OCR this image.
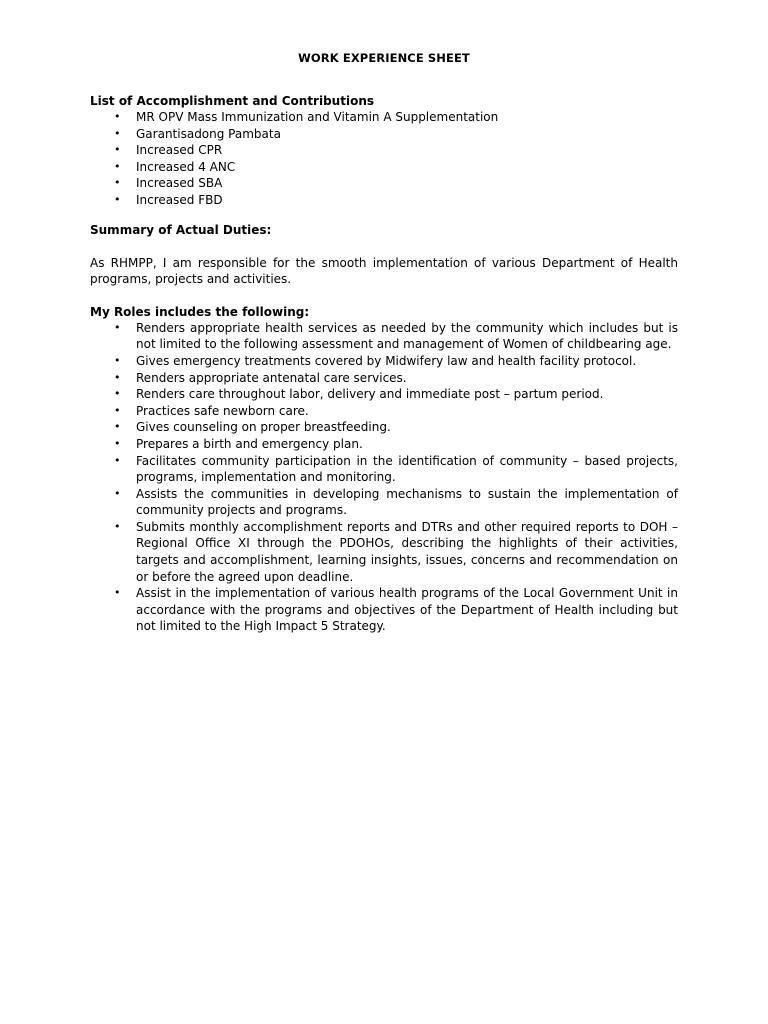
WORK EXPERIENCE SHEET
List of Accomplishment and Contributions
• MR OPV Mass Immunization and Vitamin A Supplementation
• Garantisadong Pambata
• Increased CPR
• Increased 4 ANC
• Increased SBA
• Increased FBD
Summary of Actual Duties:

As RHMPP, I am responsible for the smooth implementation of various Department of Health programs, projects and activities.

My Roles includes the following:
• Renders appropriate health services as needed by the community which includes but is not limited to the following assessment and management of Women of childbearing age.
• Gives emergency treatments covered by Midwifery law and health facility protocol.
• Renders appropriate antenatal care services.
• Renders care throughout labor, delivery and immediate post – partum period.
• Practices safe newborn care.
• Gives counseling on proper breastfeeding.
• Prepares a birth and emergency plan.
• Facilitates community participation in the identification of community – based projects, programs, implementation and monitoring.
• Assists the communities in developing mechanisms to sustain the implementation of community projects and programs.
• Submits monthly accomplishment reports and DTRs and other required reports to DOH – Regional Office XI through the PDOHOs, describing the highlights of their activities, targets and accomplishment, learning insights, issues, concerns and recommendation on or before the agreed upon deadline.
• Assist in the implementation of various health programs of the Local Government Unit in accordance with the programs and objectives of the Department of Health including but not limited to the High Impact 5 Strategy.
